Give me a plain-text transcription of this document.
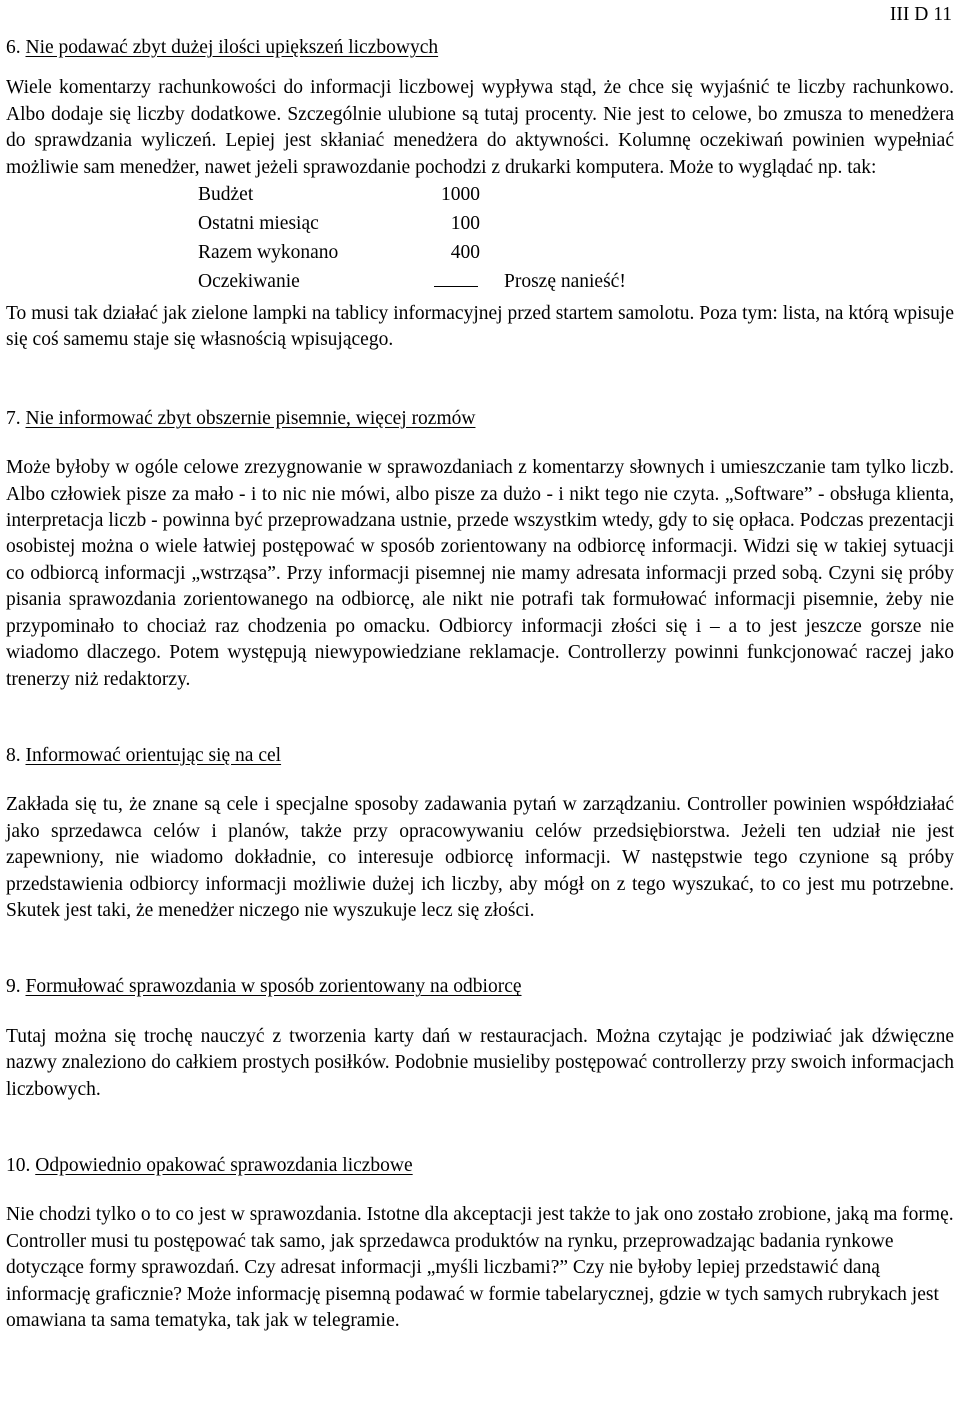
III D 11

6. Nie podawać zbyt dużej ilości upiększeń liczbowych

Wiele komentarzy rachunkowości do informacji liczbowej wypływa stąd, że chce się wyjaśnić te liczby rachunkowo. Albo dodaje się liczby dodatkowe. Szczególnie ulubione są tutaj procenty. Nie jest to celowe, bo zmusza to menedżera do sprawdzania wyliczeń. Lepiej jest skłaniać menedżera do aktywności. Kolumnę oczekiwań powinien wypełniać możliwie sam menedżer, nawet jeżeli sprawozdanie pochodzi z drukarki komputera. Może to wyglądać np. tak:

Budżet	1000	
Ostatni miesiąc	100	
Razem wykonano	400	
Oczekiwanie		Proszę nanieść!

To musi tak działać jak zielone lampki na tablicy informacyjnej przed startem samolotu. Poza tym: lista, na którą wpisuje się coś samemu staje się własnością wpisującego.

7. Nie informować zbyt obszernie pisemnie, więcej rozmów

Może byłoby w ogóle celowe zrezygnowanie w sprawozdaniach z komentarzy słownych i umieszczanie tam tylko liczb. Albo człowiek pisze za mało - i to nic nie mówi, albo pisze za dużo - i nikt tego nie czyta. „Software” - obsługa klienta, interpretacja liczb - powinna być przeprowadzana ustnie, przede wszystkim wtedy, gdy to się opłaca. Podczas prezentacji osobistej można o wiele łatwiej postępować w sposób zorientowany na odbiorcę informacji. Widzi się w takiej sytuacji co odbiorcą informacji „wstrząsa”. Przy informacji pisemnej nie mamy adresata informacji przed sobą. Czyni się próby pisania sprawozdania zorientowanego na odbiorcę, ale nikt nie potrafi tak formułować informacji pisemnie, żeby nie przypominało to chociaż raz chodzenia po omacku. Odbiorcy informacji złości się i – a to jest jeszcze gorsze nie wiadomo dlaczego. Potem występują niewypowiedziane reklamacje. Controllerzy powinni funkcjonować raczej jako trenerzy niż redaktorzy.

8. Informować orientując się na cel

Zakłada się tu, że znane są cele i specjalne sposoby zadawania pytań w zarządzaniu. Controller powinien współdziałać jako sprzedawca celów i planów, także przy opracowywaniu celów przedsiębiorstwa. Jeżeli ten udział nie jest zapewniony, nie wiadomo dokładnie, co interesuje odbiorcę informacji. W następstwie tego czynione są próby przedstawienia odbiorcy informacji możliwie dużej ich liczby, aby mógł on z tego wyszukać, to co jest mu potrzebne. Skutek jest taki, że menedżer niczego nie wyszukuje lecz się złości.

9. Formułować sprawozdania w sposób zorientowany na odbiorcę

Tutaj można się trochę nauczyć z tworzenia karty dań w restauracjach. Można czytając je podziwiać jak dźwięczne nazwy znaleziono do całkiem prostych posiłków. Podobnie musieliby postępować controllerzy przy swoich informacjach liczbowych.

10. Odpowiednio opakować sprawozdania liczbowe

Nie chodzi tylko o to co jest w sprawozdania. Istotne dla akceptacji jest także to jak ono zostało zrobione, jaką ma formę. Controller musi tu postępować tak samo, jak sprzedawca produktów na rynku, przeprowadzając badania rynkowe dotyczące formy sprawozdań. Czy adresat informacji „myśli liczbami?” Czy nie byłoby lepiej przedstawić daną informację graficznie? Może informację pisemną podawać w formie tabelarycznej, gdzie w tych samych rubrykach jest omawiana ta sama tematyka, tak jak w telegramie.
